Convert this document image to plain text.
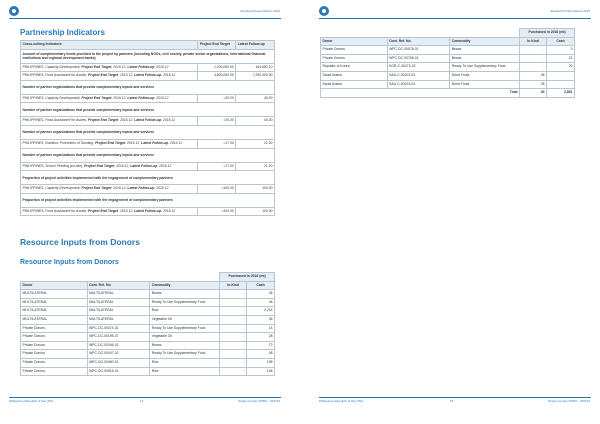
Standard Project Report 2016
Partnership Indicators
Cross-cutting Indicators	Project End Target	Latest Follow-up
Amount of complementary funds provided to the project by partners (including NGOs, civil society, private sector organizations, international financial institutions and regional development banks)		
PHILIPPINES, Capacity Development, Project End Target: 2016.12, Latest Follow-up: 2016.12	1,200,000.00	164,682.10
PHILIPPINES, Food Assistance for Assets, Project End Target: 2016.12, Latest Follow-up: 2016.12	4,800,000.00	7,290,000.00
Number of partner organizations that provide complementary inputs and services		
PHILIPPINES, Capacity Development, Project End Target: 2016.12, Latest Follow-up: 2016.12	=20.00	40.00
Number of partner organizations that provide complementary inputs and services		
PHILIPPINES, Food Assistance for Assets, Project End Target: 2016.12, Latest Follow-up: 2016.12	=20.00	40.00
Number of partner organizations that provide complementary inputs and services		
PHILIPPINES, Nutrition: Prevention of Stunting, Project End Target: 2016.12, Latest Follow-up: 2016.12	=17.00	21.00
Number of partner organizations that provide complementary inputs and services		
PHILIPPINES, School Feeding (on-site), Project End Target: 2016.12, Latest Follow-up: 2016.12	=17.00	21.00
Proportion of project activities implemented with the engagement of complementary partners		
PHILIPPINES, Capacity Development, Project End Target: 2016.12, Latest Follow-up: 2016.12	=100.00	100.00
Proportion of project activities implemented with the engagement of complementary partners		
PHILIPPINES, Food Assistance for Assets, Project End Target: 2016.12, Latest Follow-up: 2016.12	=100.00	100.00
Resource Inputs from Donors
Resource Inputs from Donors
			Purchased in 2016 (mt)	
Donor	Cont. Ref. No.	Commodity	In-Kind	Cash
MULTILATERAL	MULTILATERAL	Beans	-	36
MULTILATERAL	MULTILATERAL	Ready To Use Supplementary Food	-	46
MULTILATERAL	MULTILATERAL	Rice	-	2,214
MULTILATERAL	MULTILATERAL	Vegetable Oil	-	36
Private Donors	WPC-DC-00474-01	Ready To Use Supplementary Food	-	14
Private Donors	WPC-DC-00195-07	Vegetable Oil	-	28
Private Donors	WPC-DC-00346-02	Beans	-	72
Private Donors	WPC-DC-00447-02	Ready To Use Supplementary Food	-	48
Private Donors	WPC-DC-00460-01	Rice	-	198
Private Donors	WPC-DC-00515-01	Rice	-	106
Philippines (Republic of the) (PH)	14	Single Country PRRO - 200743
Standard Project Report 2016
			Purchased in 2016 (mt)	
Donor	Cont. Ref. No.	Commodity	In-Kind	Cash
Private Donors	WPC-DC-00578-01	Beans	-	9
Private Donors	WPC-DC-00758-01	Beans	-	21
Republic of Korea	KOR-C-00470-02	Ready To Use Supplementary Food	-	20
Saudi Arabia	SAU-C-00103-03	Dried Fruits	35	-
Saudi Arabia	SAU-C-00103-04	Dried Fruits	35	-
Total			40	2,851
Philippines (Republic of the) (PH)	15	Single Country PRRO - 200743
